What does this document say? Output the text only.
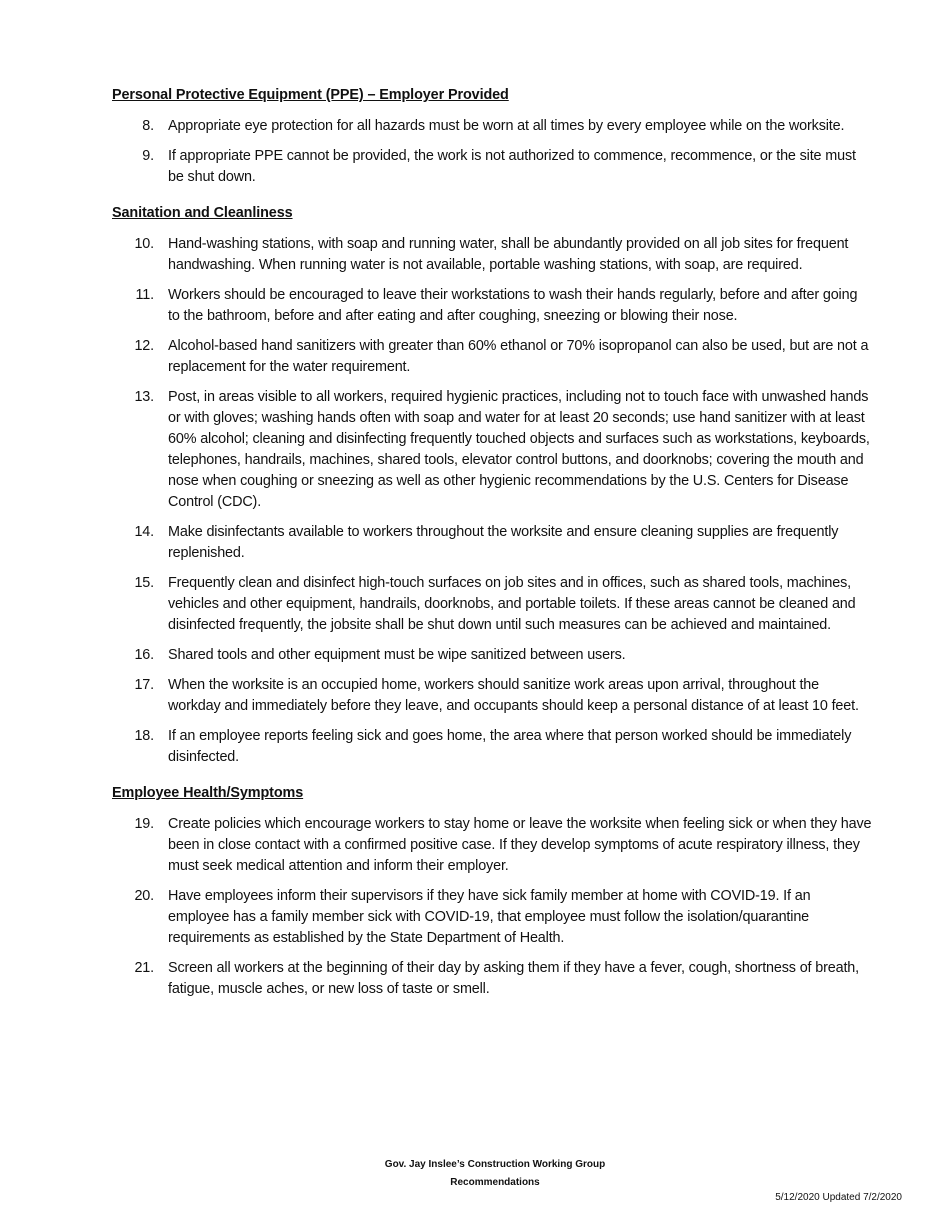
Personal Protective Equipment (PPE) – Employer Provided
8. Appropriate eye protection for all hazards must be worn at all times by every employee while on the worksite.
9. If appropriate PPE cannot be provided, the work is not authorized to commence, recommence, or the site must be shut down.
Sanitation and Cleanliness
10. Hand-washing stations, with soap and running water, shall be abundantly provided on all job sites for frequent handwashing. When running water is not available, portable washing stations, with soap, are required.
11. Workers should be encouraged to leave their workstations to wash their hands regularly, before and after going to the bathroom, before and after eating and after coughing, sneezing or blowing their nose.
12. Alcohol-based hand sanitizers with greater than 60% ethanol or 70% isopropanol can also be used, but are not a replacement for the water requirement.
13. Post, in areas visible to all workers, required hygienic practices, including not to touch face with unwashed hands or with gloves; washing hands often with soap and water for at least 20 seconds; use hand sanitizer with at least 60% alcohol; cleaning and disinfecting frequently touched objects and surfaces such as workstations, keyboards, telephones, handrails, machines, shared tools, elevator control buttons, and doorknobs; covering the mouth and nose when coughing or sneezing as well as other hygienic recommendations by the U.S. Centers for Disease Control (CDC).
14. Make disinfectants available to workers throughout the worksite and ensure cleaning supplies are frequently replenished.
15. Frequently clean and disinfect high-touch surfaces on job sites and in offices, such as shared tools, machines, vehicles and other equipment, handrails, doorknobs, and portable toilets. If these areas cannot be cleaned and disinfected frequently, the jobsite shall be shut down until such measures can be achieved and maintained.
16. Shared tools and other equipment must be wipe sanitized between users.
17. When the worksite is an occupied home, workers should sanitize work areas upon arrival, throughout the workday and immediately before they leave, and occupants should keep a personal distance of at least 10 feet.
18. If an employee reports feeling sick and goes home, the area where that person worked should be immediately disinfected.
Employee Health/Symptoms
19. Create policies which encourage workers to stay home or leave the worksite when feeling sick or when they have been in close contact with a confirmed positive case. If they develop symptoms of acute respiratory illness, they must seek medical attention and inform their employer.
20. Have employees inform their supervisors if they have sick family member at home with COVID-19. If an employee has a family member sick with COVID-19, that employee must follow the isolation/quarantine requirements as established by the State Department of Health.
21. Screen all workers at the beginning of their day by asking them if they have a fever, cough, shortness of breath, fatigue, muscle aches, or new loss of taste or smell.
Gov. Jay Inslee’s Construction Working Group
Recommendations
5/12/2020 Updated 7/2/2020
